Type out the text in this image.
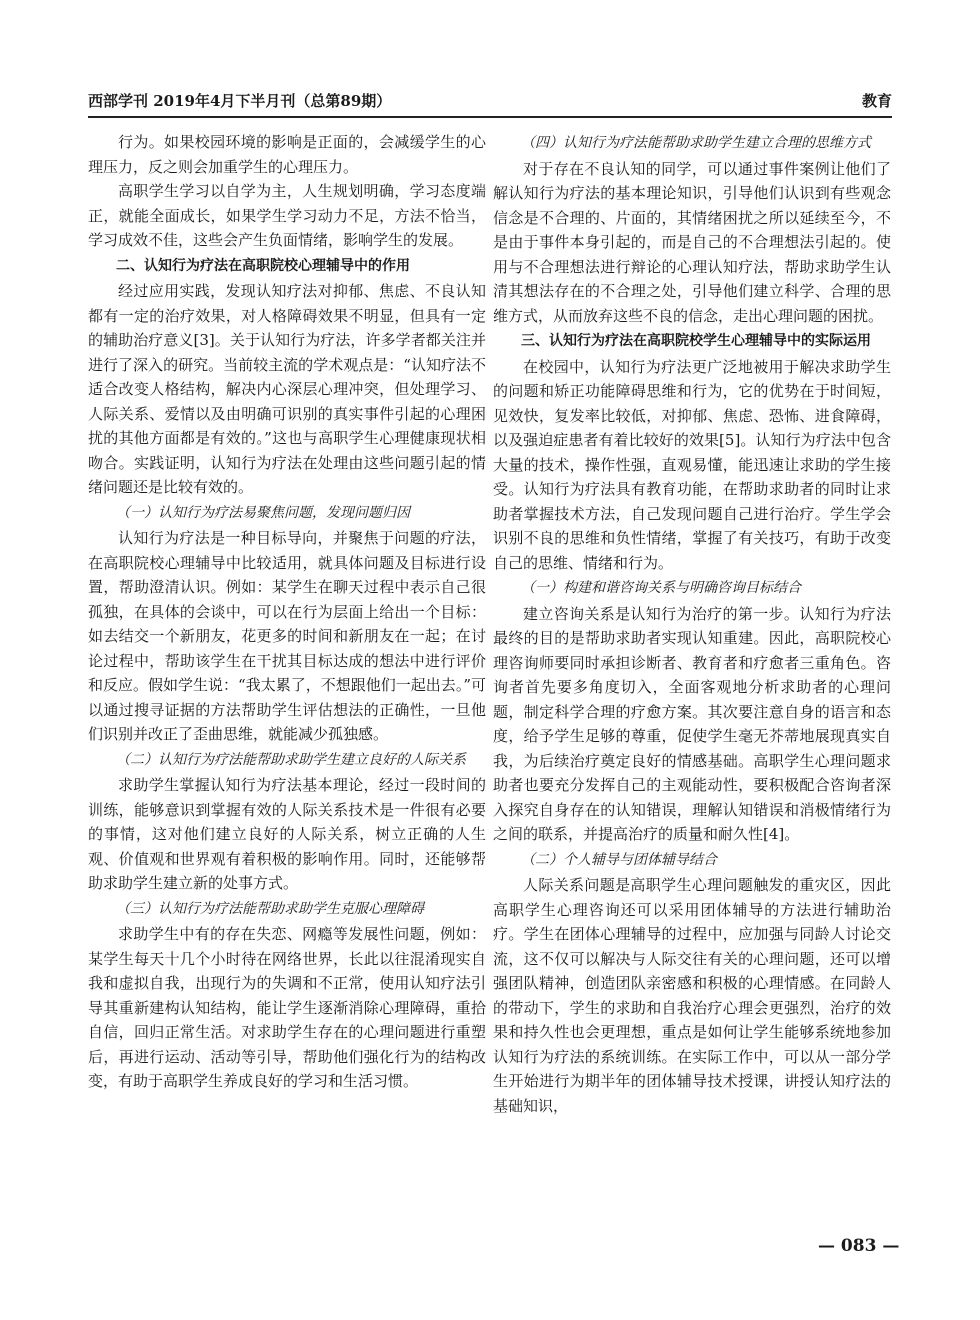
西部学刊 2019年4月下半月刊（总第89期）	教育

行为。如果校园环境的影响是正面的，会减缓学生的心理压力，反之则会加重学生的心理压力。

高职学生学习以自学为主，人生规划明确，学习态度端正，就能全面成长，如果学生学习动力不足，方法不恰当，学习成效不佳，这些会产生负面情绪，影响学生的发展。

二、认知行为疗法在高职院校心理辅导中的作用

经过应用实践，发现认知疗法对抑郁、焦虑、不良认知都有一定的治疗效果，对人格障碍效果不明显，但具有一定的辅助治疗意义[3]。关于认知行为疗法，许多学者都关注并进行了深入的研究。当前较主流的学术观点是：“认知疗法不适合改变人格结构，解决内心深层心理冲突，但处理学习、人际关系、爱情以及由明确可识别的真实事件引起的心理困扰的其他方面都是有效的。”这也与高职学生心理健康现状相吻合。实践证明，认知行为疗法在处理由这些问题引起的情绪问题还是比较有效的。

（一）认知行为疗法易聚焦问题，发现问题归因

认知行为疗法是一种目标导向，并聚焦于问题的疗法，在高职院校心理辅导中比较适用，就具体问题及目标进行设置，帮助澄清认识。例如：某学生在聊天过程中表示自己很孤独，在具体的会谈中，可以在行为层面上给出一个目标：如去结交一个新朋友，花更多的时间和新朋友在一起；在讨论过程中，帮助该学生在干扰其目标达成的想法中进行评价和反应。假如学生说：“我太累了，不想跟他们一起出去。”可以通过搜寻证据的方法帮助学生评估想法的正确性，一旦他们识别并改正了歪曲思维，就能减少孤独感。

（二）认知行为疗法能帮助求助学生建立良好的人际关系

求助学生掌握认知行为疗法基本理论，经过一段时间的训练，能够意识到掌握有效的人际关系技术是一件很有必要的事情，这对他们建立良好的人际关系，树立正确的人生观、价值观和世界观有着积极的影响作用。同时，还能够帮助求助学生建立新的处事方式。

（三）认知行为疗法能帮助求助学生克服心理障碍

求助学生中有的存在失恋、网瘾等发展性问题，例如：某学生每天十几个小时待在网络世界，长此以往混淆现实自我和虚拟自我，出现行为的失调和不正常，使用认知疗法引导其重新建构认知结构，能让学生逐渐消除心理障碍，重拾自信，回归正常生活。对求助学生存在的心理问题进行重塑后，再进行运动、活动等引导，帮助他们强化行为的结构改变，有助于高职学生养成良好的学习和生活习惯。

（四）认知行为疗法能帮助求助学生建立合理的思维方式

对于存在不良认知的同学，可以通过事件案例让他们了解认知行为疗法的基本理论知识，引导他们认识到有些观念信念是不合理的、片面的，其情绪困扰之所以延续至今，不是由于事件本身引起的，而是自己的不合理想法引起的。使用与不合理想法进行辩论的心理认知疗法，帮助求助学生认清其想法存在的不合理之处，引导他们建立科学、合理的思维方式，从而放弃这些不良的信念，走出心理问题的困扰。

三、认知行为疗法在高职院校学生心理辅导中的实际运用

在校园中，认知行为疗法更广泛地被用于解决求助学生的问题和矫正功能障碍思维和行为，它的优势在于时间短，见效快，复发率比较低，对抑郁、焦虑、恐怖、进食障碍，以及强迫症患者有着比较好的效果[5]。认知行为疗法中包含大量的技术，操作性强，直观易懂，能迅速让求助的学生接受。认知行为疗法具有教育功能，在帮助求助者的同时让求助者掌握技术方法，自己发现问题自己进行治疗。学生学会识别不良的思维和负性情绪，掌握了有关技巧，有助于改变自己的思维、情绪和行为。

（一）构建和谐咨询关系与明确咨询目标结合

建立咨询关系是认知行为治疗的第一步。认知行为疗法最终的目的是帮助求助者实现认知重建。因此，高职院校心理咨询师要同时承担诊断者、教育者和疗愈者三重角色。咨询者首先要多角度切入，全面客观地分析求助者的心理问题，制定科学合理的疗愈方案。其次要注意自身的语言和态度，给予学生足够的尊重，促使学生毫无芥蒂地展现真实自我，为后续治疗奠定良好的情感基础。高职学生心理问题求助者也要充分发挥自己的主观能动性，要积极配合咨询者深入探究自身存在的认知错误，理解认知错误和消极情绪行为之间的联系，并提高治疗的质量和耐久性[4]。

（二）个人辅导与团体辅导结合

人际关系问题是高职学生心理问题触发的重灾区，因此高职学生心理咨询还可以采用团体辅导的方法进行辅助治疗。学生在团体心理辅导的过程中，应加强与同龄人讨论交流，这不仅可以解决与人际交往有关的心理问题，还可以增强团队精神，创造团队亲密感和积极的心理情感。在同龄人的带动下，学生的求助和自我治疗心理会更强烈，治疗的效果和持久性也会更理想，重点是如何让学生能够系统地参加认知行为疗法的系统训练。在实际工作中，可以从一部分学生开始进行为期半年的团体辅导技术授课，讲授认知疗法的基础知识，

— 083 —
